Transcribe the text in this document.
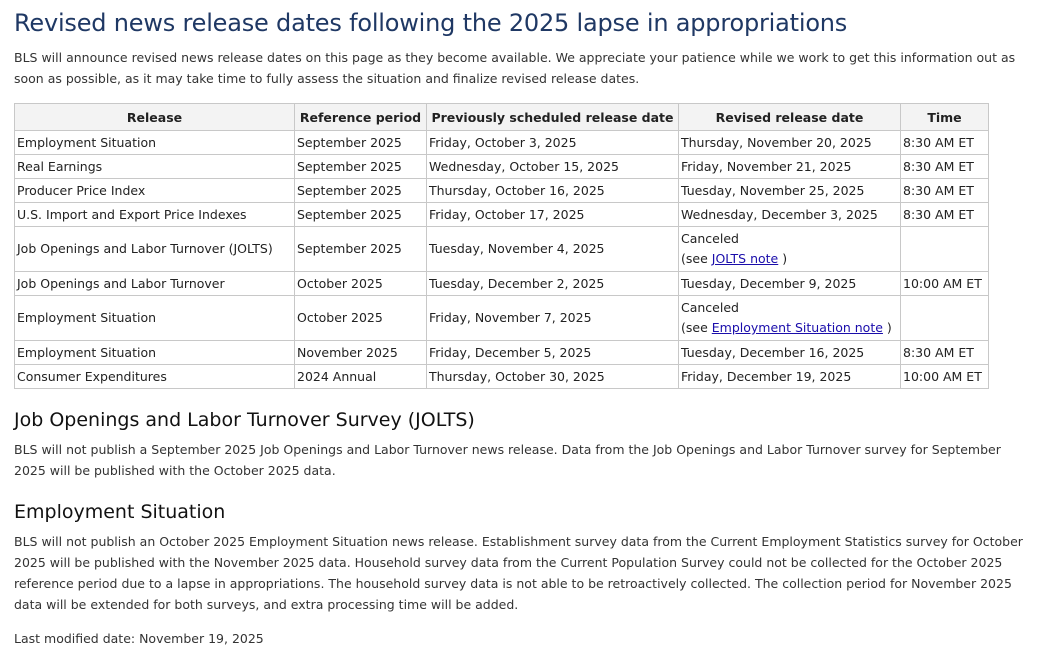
Revised news release dates following the 2025 lapse in appropriations

BLS will announce revised news release dates on this page as they become available. We appreciate your patience while we work to get this information out as soon as possible, as it may take time to fully assess the situation and finalize revised release dates.

Release	Reference period	Previously scheduled release date	Revised release date	Time
Employment Situation	September 2025	Friday, October 3, 2025	Thursday, November 20, 2025	8:30 AM ET
Real Earnings	September 2025	Wednesday, October 15, 2025	Friday, November 21, 2025	8:30 AM ET
Producer Price Index	September 2025	Thursday, October 16, 2025	Tuesday, November 25, 2025	8:30 AM ET
U.S. Import and Export Price Indexes	September 2025	Friday, October 17, 2025	Wednesday, December 3, 2025	8:30 AM ET
Job Openings and Labor Turnover (JOLTS)	September 2025	Tuesday, November 4, 2025	Canceled
(see JOLTS note )	

Job Openings and Labor Turnover	October 2025	Tuesday, December 2, 2025	Tuesday, December 9, 2025	10:00 AM ET
Employment Situation	October 2025	Friday, November 7, 2025	Canceled
(see Employment Situation note )	

Employment Situation	November 2025	Friday, December 5, 2025	Tuesday, December 16, 2025	8:30 AM ET
Consumer Expenditures	2024 Annual	Thursday, October 30, 2025	Friday, December 19, 2025	10:00 AM ET
Job Openings and Labor Turnover Survey (JOLTS)

BLS will not publish a September 2025 Job Openings and Labor Turnover news release. Data from the Job Openings and Labor Turnover survey for September 2025 will be published with the October 2025 data.

Employment Situation

BLS will not publish an October 2025 Employment Situation news release. Establishment survey data from the Current Employment Statistics survey for October 2025 will be published with the November 2025 data. Household survey data from the Current Population Survey could not be collected for the October 2025 reference period due to a lapse in appropriations. The household survey data is not able to be retroactively collected. The collection period for November 2025 data will be extended for both surveys, and extra processing time will be added.

Last modified date: November 19, 2025
